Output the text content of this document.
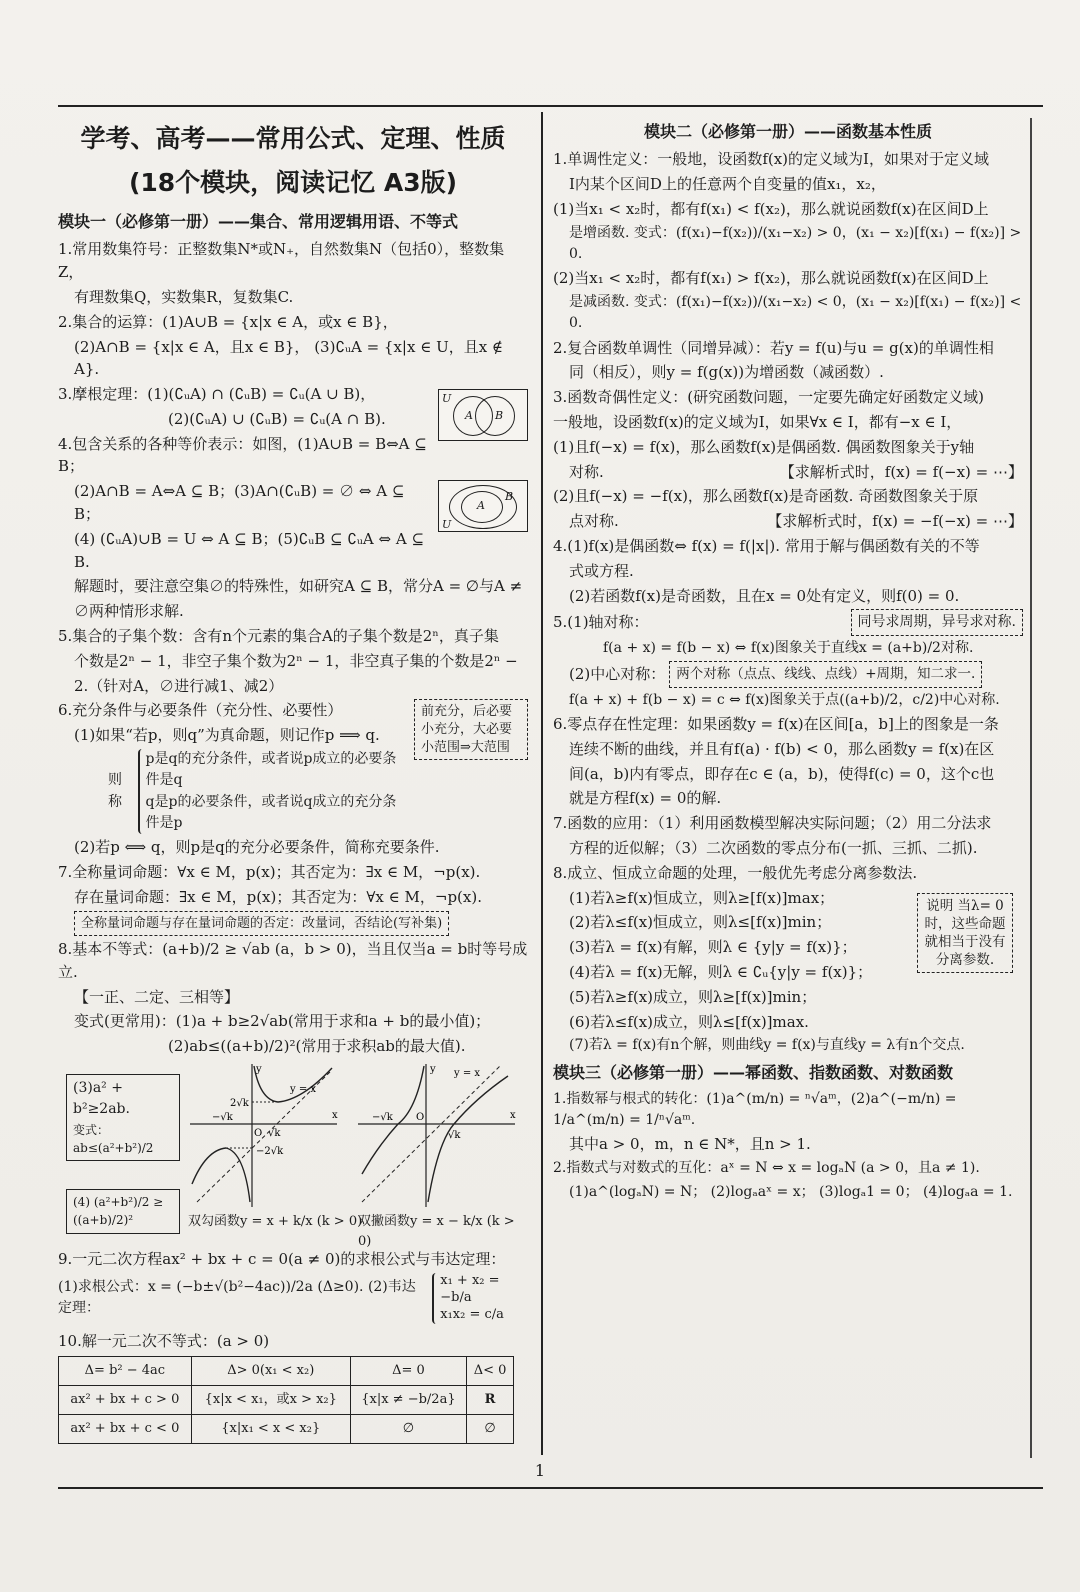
学考、高考——常用公式、定理、性质
(18个模块，阅读记忆 A3版)
模块一（必修第一册）——集合、常用逻辑用语、不等式
1.常用数集符号：正整数集N*或N₊，自然数集N（包括0），整数集Z，
有理数集Q，实数集R，复数集C.
2.集合的运算：(1)A∪B = {x|x ∈ A，或x ∈ B}，
(2)A∩B = {x|x ∈ A，且x ∈ B}， (3)∁ᵤA = {x|x ∈ U，且x ∉ A}.
U
A B
3.摩根定理：(1)(∁ᵤA) ∩ (∁ᵤB) = ∁ᵤ(A ∪ B)，
(2)(∁ᵤA) ∪ (∁ᵤB) = ∁ᵤ(A ∩ B).
4.包含关系的各种等价表示：如图，(1)A∪B = B⇔A ⊆ B；
U
A
B
(2)A∩B = A⇔A ⊆ B；(3)A∩(∁ᵤB) = ∅ ⇔ A ⊆ B；
(4) (∁ᵤA)∪B = U ⇔ A ⊆ B；(5)∁ᵤB ⊆ ∁ᵤA ⇔ A ⊆ B.
解题时，要注意空集∅的特殊性，如研究A ⊆ B，常分A = ∅与A ≠
∅两种情形求解.
5.集合的子集个数：含有n个元素的集合A的子集个数是2ⁿ，真子集
个数是2ⁿ − 1，非空子集个数为2ⁿ − 1，非空真子集的个数是2ⁿ −
2.（针对A，∅进行减1、减2）
前充分，后必要 小充分，大必要 小范围⇒大范围
6.充分条件与必要条件（充分性、必要性）
(1)如果“若p，则q”为真命题，则记作p ⟹ q.
则称
p是q的充分条件，或者说p成立的必要条件是q
q是p的必要条件，或者说q成立的充分条件是p
(2)若p ⟺ q，则p是q的充分必要条件，简称充要条件.
7.全称量词命题：∀x ∈ M，p(x)；其否定为：∃x ∈ M，¬p(x).
存在量词命题：∃x ∈ M，p(x)；其否定为：∀x ∈ M，¬p(x).
全称量词命题与存在量词命题的否定：改量词，否结论(写补集)
8.基本不等式：(a+b)/2 ≥ √ab (a，b > 0)，当且仅当a = b时等号成立.
【一正、二定、三相等】
变式(更常用)：(1)a + b≥2√ab(常用于求和a + b的最小值)；
(2)ab≤((a+b)/2)²(常用于求积ab的最大值).
(3)a² + b²≥2ab.
变式：ab≤(a²+b²)/2
(4) (a²+b²)/2 ≥ ((a+b)/2)²
2√k
−√k
O √k
−2√k
y = x
x
y	y = x
−√k O
√k
x
y
双勾函数y = x + k/x (k > 0)
双撇函数y = x − k/x (k > 0)
9.一元二次方程ax² + bx + c = 0(a ≠ 0)的求根公式与韦达定理：
(1)求根公式：x = (−b±√(b²−4ac))/2a (Δ≥0). (2)韦达定理：
x₁ + x₂ = −b/a
x₁x₂ = c/a
10.解一元二次不等式：(a > 0)
Δ= b² − 4ac	Δ> 0(x₁ < x₂)	Δ= 0	Δ< 0
ax² + bx + c > 0	{x|x < x₁，或x > x₂}	{x|x ≠ −b/2a}	R
ax² + bx + c < 0	{x|x₁ < x < x₂}	∅	∅
模块二（必修第一册）——函数基本性质
1.单调性定义：一般地，设函数f(x)的定义域为I，如果对于定义域
I内某个区间D上的任意两个自变量的值x₁，x₂，
(1)当x₁ < x₂时，都有f(x₁) < f(x₂)，那么就说函数f(x)在区间D上
是增函数. 变式：(f(x₁)−f(x₂))/(x₁−x₂) > 0，(x₁ − x₂)[f(x₁) − f(x₂)] > 0.
(2)当x₁ < x₂时，都有f(x₁) > f(x₂)，那么就说函数f(x)在区间D上
是减函数. 变式：(f(x₁)−f(x₂))/(x₁−x₂) < 0，(x₁ − x₂)[f(x₁) − f(x₂)] < 0.
2.复合函数单调性（同增异减）：若y = f(u)与u = g(x)的单调性相
同（相反），则y = f(g(x))为增函数（减函数）.
3.函数奇偶性定义：(研究函数问题，一定要先确定好函数定义域)
一般地，设函数f(x)的定义域为I，如果∀x ∈ I，都有−x ∈ I，
(1)且f(−x) = f(x)，那么函数f(x)是偶函数. 偶函数图象关于y轴
对称.	【求解析式时，f(x) = f(−x) = ⋯】
(2)且f(−x) = −f(x)，那么函数f(x)是奇函数. 奇函数图象关于原
点对称.	【求解析式时，f(x) = −f(−x) = ⋯】
4.(1)f(x)是偶函数⇔ f(x) = f(|x|). 常用于解与偶函数有关的不等
式或方程.
(2)若函数f(x)是奇函数，且在x = 0处有定义，则f(0) = 0.
5.(1)轴对称：	同号求周期，异号求对称.
f(a + x) = f(b − x) ⇔ f(x)图象关于直线x = (a+b)/2对称.
(2)中心对称： 两个对称（点点、线线、点线）+周期，知二求一.
f(a + x) + f(b − x) = c ⇔ f(x)图象关于点((a+b)/2，c/2)中心对称.
6.零点存在性定理：如果函数y = f(x)在区间[a，b]上的图象是一条
连续不断的曲线，并且有f(a) · f(b) < 0，那么函数y = f(x)在区
间(a，b)内有零点，即存在c ∈ (a，b)，使得f(c) = 0，这个c也
就是方程f(x) = 0的解.
7.函数的应用：（1）利用函数模型解决实际问题；（2）用二分法求
方程的近似解；（3）二次函数的零点分布(一抓、三抓、二抓).
8.成立、恒成立命题的处理，一般优先考虑分离参数法.
说明 当λ= 0时，这些命题就相当于没有分离参数.
(1)若λ≥f(x)恒成立，则λ≥[f(x)]max；
(2)若λ≤f(x)恒成立，则λ≤[f(x)]min；
(3)若λ = f(x)有解，则λ ∈ {y|y = f(x)}；
(4)若λ = f(x)无解，则λ ∈ ∁ᵤ{y|y = f(x)}；
(5)若λ≥f(x)成立，则λ≥[f(x)]min；
(6)若λ≤f(x)成立，则λ≤[f(x)]max.
(7)若λ = f(x)有n个解，则曲线y = f(x)与直线y = λ有n个交点.
模块三（必修第一册）——幂函数、指数函数、对数函数
1.指数幂与根式的转化：(1)a^(m/n) = ⁿ√aᵐ，(2)a^(−m/n) = 1/a^(m/n) = 1/ⁿ√aᵐ.
其中a > 0，m，n ∈ N*，且n > 1.
2.指数式与对数式的互化：aˣ = N ⇔ x = logₐN (a > 0，且a ≠ 1).
(1)a^(logₐN) = N； (2)logₐaˣ = x； (3)logₐ1 = 0； (4)logₐa = 1.
1
